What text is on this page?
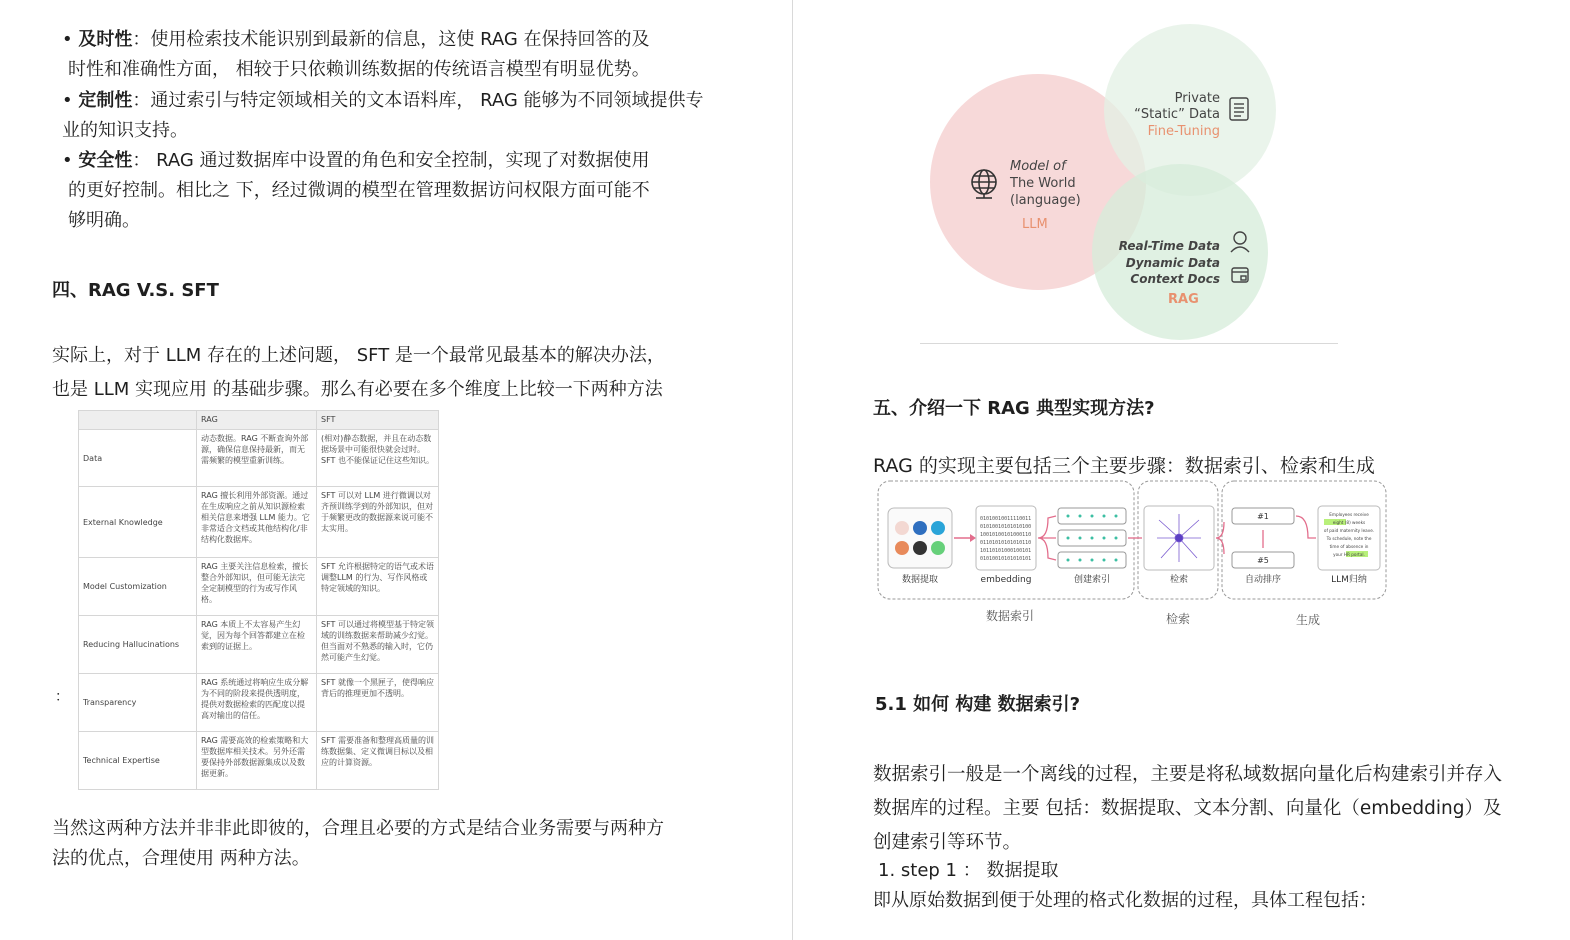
• 及时性：使用检索技术能识别到最新的信息，这使 RAG 在保持回答的及
时性和准确性方面， 相较于只依赖训练数据的传统语言模型有明显优势。
• 定制性：通过索引与特定领域相关的文本语料库， RAG 能够为不同领域提供专
业的知识支持。
• 安全性： RAG 通过数据库中设置的角色和安全控制，实现了对数据使用
的更好控制。相比之 下，经过微调的模型在管理数据访问权限方面可能不
够明确。
四、RAG V.S. SFT
实际上，对于 LLM 存在的上述问题， SFT 是一个最常见最基本的解决办法，
也是 LLM 实现应用 的基础步骤。那么有必要在多个维度上比较一下两种方法
：
	RAG	SFT
Data	动态数据。RAG 不断查询外部源，确保信息保持最新，而无需频繁的模型重新训练。	(相对)静态数据，并且在动态数据场景中可能很快就会过时。SFT 也不能保证记住这些知识。
External Knowledge	RAG 擅长利用外部资源。通过在生成响应之前从知识源检索相关信息来增强 LLM 能力。它非常适合文档或其他结构化/非结构化数据库。	SFT 可以对 LLM 进行微调以对齐预训练学到的外部知识，但对于频繁更改的数据源来说可能不太实用。
Model Customization	RAG 主要关注信息检索，擅长整合外部知识，但可能无法完全定制模型的行为或写作风格。	SFT 允许根据特定的语气或术语调整LLM 的行为、写作风格或特定领域的知识。
Reducing Hallucinations	RAG 本质上不太容易产生幻觉，因为每个回答都建立在检索到的证据上。	SFT 可以通过将模型基于特定领域的训练数据来帮助减少幻觉。但当面对不熟悉的输入时，它仍然可能产生幻觉。
Transparency	RAG 系统通过将响应生成分解为不同的阶段来提供透明度，提供对数据检索的匹配度以提高对输出的信任。	SFT 就像一个黑匣子，使得响应背后的推理更加不透明。
Technical Expertise	RAG 需要高效的检索策略和大型数据库相关技术。另外还需要保持外部数据源集成以及数据更新。	SFT 需要准备和整理高质量的训练数据集、定义微调目标以及相应的计算资源。
当然这两种方法并非非此即彼的，合理且必要的方式是结合业务需要与两种方
法的优点，合理使用 两种方法。
Model of
The World
(language)
LLM
Private
“Static” Data
Fine-Tuning
Real-Time Data
Dynamic Data
Context Docs
RAG
五、介绍一下 RAG 典型实现方法?
RAG 的实现主要包括三个主要步骤：数据索引、检索和生成
数据提取
01010010011110011
01010010101010100
10010100101000110
01101010101010110
10110101000100101
01010010101010101
embedding	创建索引	检索
#1
#5
自动排序
Employees receive
eight (8) weeks
of paid maternity leave.
To schedule, note the
time of absence in
your HR portal.
LLM归纳
数据索引	检索	生成
5.1 如何 构建 数据索引?
数据索引一般是一个离线的过程，主要是将私域数据向量化后构建索引并存入
数据库的过程。主要 包括：数据提取、文本分割、向量化（embedding）及
创建索引等环节。
1. step 1 ： 数据提取
即从原始数据到便于处理的格式化数据的过程，具体工程包括：
